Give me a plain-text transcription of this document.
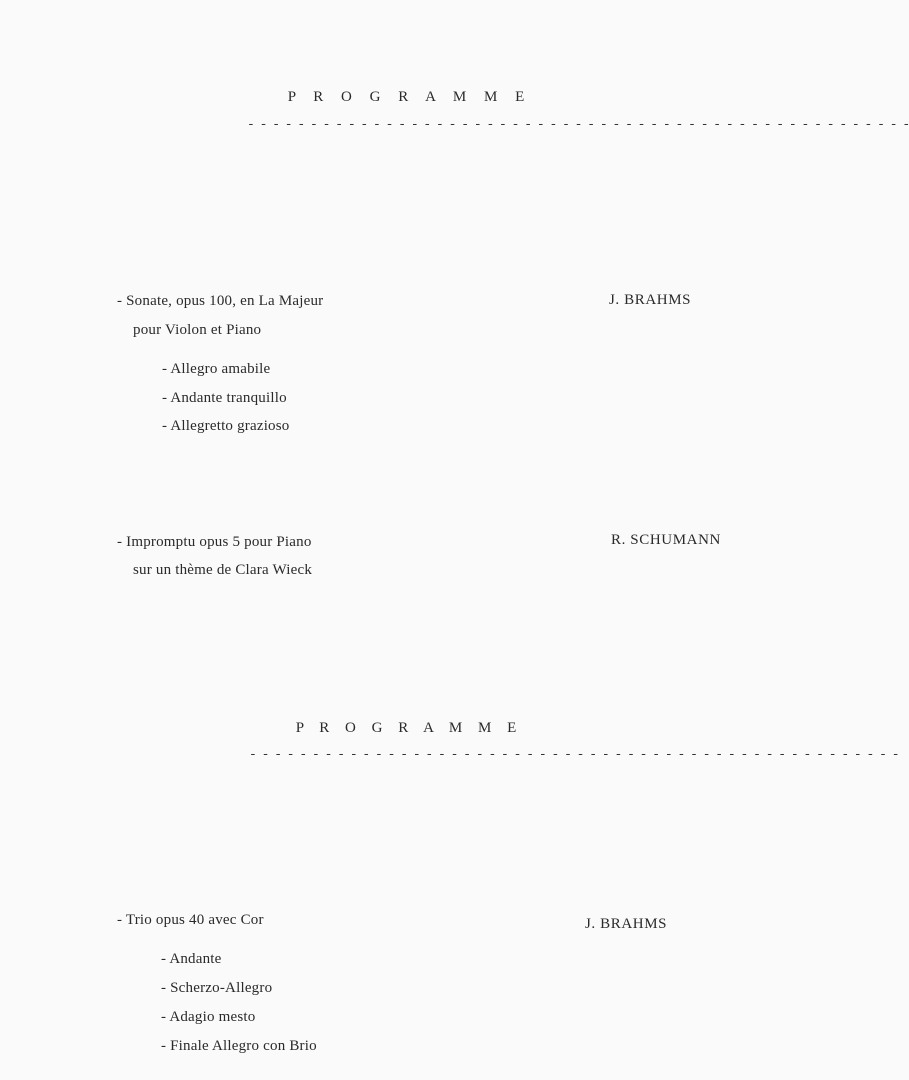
P R O G R A M M E
- - - - - - - - - - - - - - - - - - - - - - - - - - - - - - - - - - - - - - - - - - - - - - - - - - - - -
- Sonate, opus 100, en La Majeur	J. BRAHMS
pour Violon et Piano
- Allegro amabile
- Andante tranquillo
- Allegretto grazioso
- Impromptu opus 5 pour Piano	R. SCHUMANN
sur un thème de Clara Wieck
P R O G R A M M E
- - - - - - - - - - - - - - - - - - - - - - - - - - - - - - - - - - - - - - - - - - - - - - - - - - - -
- Trio opus 40 avec Cor	J. BRAHMS
- Andante
- Scherzo-Allegro
- Adagio mesto
- Finale Allegro con Brio
